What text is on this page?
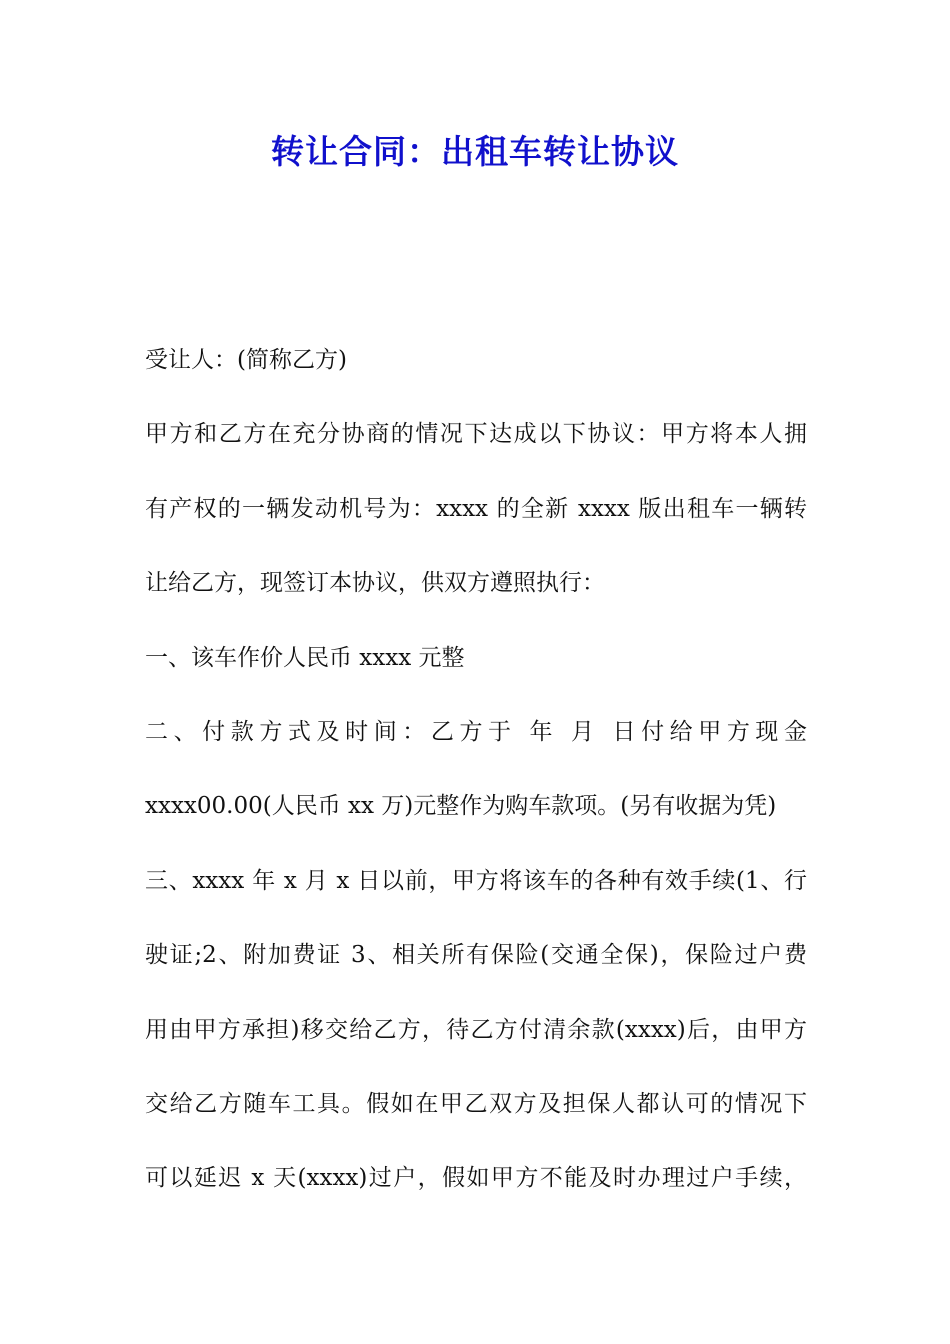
转让合同：出租车转让协议
受让人：(简称乙方)
甲方和乙方在充分协商的情况下达成以下协议：甲方将本人拥
有产权的一辆发动机号为：xxxx 的全新 xxxx 版出租车一辆转
让给乙方，现签订本协议，供双方遵照执行：
一、该车作价人民币 xxxx 元整
二、付款方式及时间：乙方于 年 月 日付给甲方现金
xxxx00.00(人民币 xx 万)元整作为购车款项。(另有收据为凭)
三、xxxx 年 x 月 x 日以前，甲方将该车的各种有效手续(1、行
驶证;2、附加费证 3、相关所有保险(交通全保)，保险过户费
用由甲方承担)移交给乙方，待乙方付清余款(xxxx)后，由甲方
交给乙方随车工具。假如在甲乙双方及担保人都认可的情况下
可以延迟 x 天(xxxx)过户，假如甲方不能及时办理过户手续，
